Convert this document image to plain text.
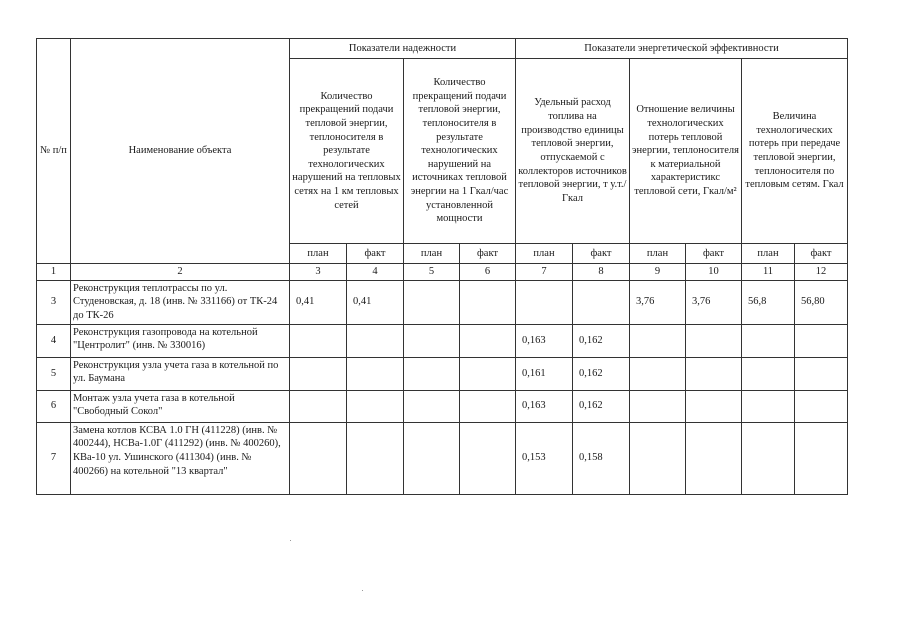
№ п/п	Наименование объекта	Показатели надежности				Показатели энергетической эффективности					
		Количество прекращений подачи тепловой энергии, теплоносителя в результате технологических нарушений на тепловых сетях на 1 км тепловых сетей		Количество прекращений подачи тепловой энергии, теплоносителя в результате технологических нарушений на источниках тепловой энергии на 1 Гкал/час установленной мощности		Удельный расход топлива на производство единицы тепловой энергии, отпускаемой с коллекторов источников тепловой энергии, т у.т./Гкал		Отношение величины технологических потерь тепловой энергии, теплоносителя к материальной характеристикс тепловой сети, Гкал/м²		Величина технологических потерь при передаче тепловой энергии, теплоносителя по тепловым сетям. Гкал	
		план	факт	план	факт	план	факт	план	факт	план	факт
1	2	3	4	5	6	7	8	9	10	11	12
3	Реконструкция теплотрассы по ул. Студеновская, д. 18 (инв. № 331166) от ТК-24 до ТК-26	0,41	0,41					3,76	3,76	56,8	56,80
4	Реконструкция газопровода на котельной "Центролит" (инв. № 330016)					0,163	0,162				
5	Реконструкция узла учета газа в котельной по ул. Баумана					0,161	0,162				
6	Монтаж узла учета газа в котельной "Свободный Сокол"					0,163	0,162				
7	Замена котлов КСВА 1.0 ГН (411228) (инв. № 400244), НСВа-1.0Г (411292) (инв. № 400260), КВа-10 ул. Ушинского (411304) (инв. № 400266) на котельной "13 квартал"					0,153	0,158				
